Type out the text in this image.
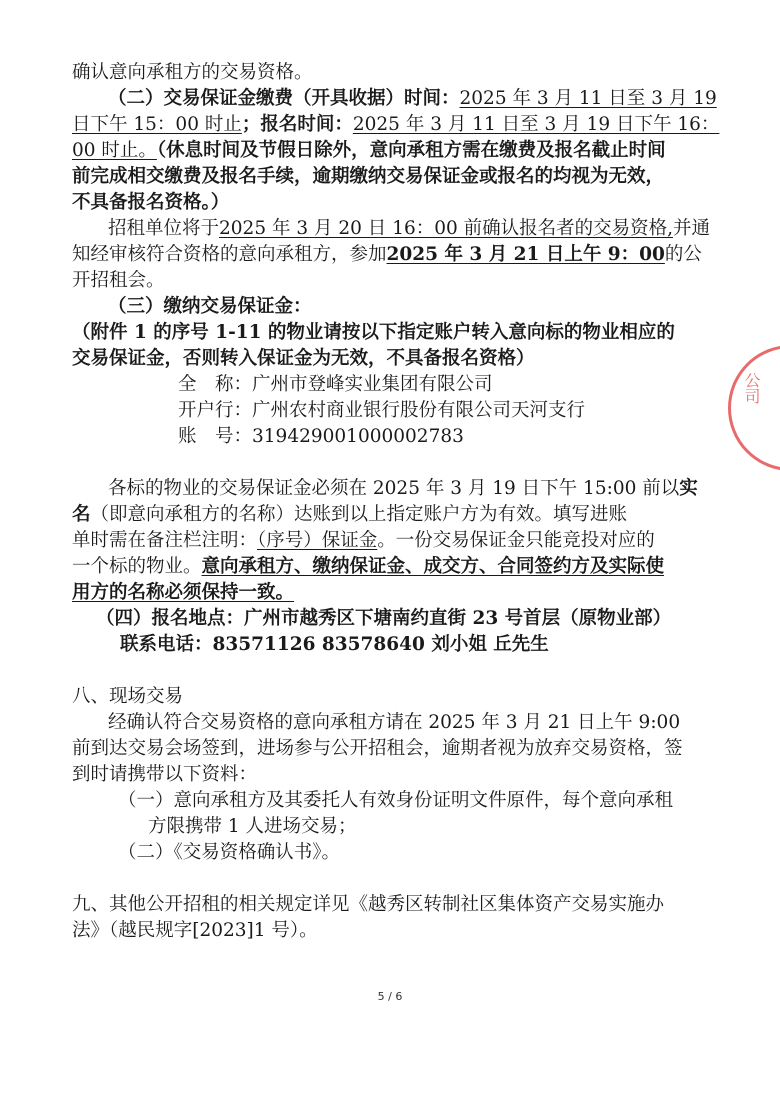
确认意向承租方的交易资格。
（二）交易保证金缴费（开具收据）时间：2025 年 3 月 11 日至 3 月 19
日下午 15：00 时止；报名时间：2025 年 3 月 11 日至 3 月 19 日下午 16：
00 时止。（休息时间及节假日除外，意向承租方需在缴费及报名截止时间
前完成相交缴费及报名手续，逾期缴纳交易保证金或报名的均视为无效，
不具备报名资格。）
招租单位将于2025 年 3 月 20 日 16：00 前确认报名者的交易资格,并通
知经审核符合资格的意向承租方，参加2025 年 3 月 21 日上午 9：00的公
开招租会。
（三）缴纳交易保证金：
（附件 1 的序号 1-11 的物业请按以下指定账户转入意向标的物业相应的
交易保证金，否则转入保证金为无效，不具备报名资格）
全　称：广州市登峰实业集团有限公司
开户行：广州农村商业银行股份有限公司天河支行
账　号：319429001000002783
各标的物业的交易保证金必须在 2025 年 3 月 19 日下午 15:00 前以实
名（即意向承租方的名称）达账到以上指定账户方为有效。填写进账
单时需在备注栏注明：（序号）保证金。一份交易保证金只能竞投对应的
一个标的物业。意向承租方、缴纳保证金、成交方、合同签约方及实际使
用方的名称必须保持一致。
（四）报名地点：广州市越秀区下塘南约直街 23 号首层（原物业部）
联系电话：83571126 83578640 刘小姐 丘先生
八、现场交易
经确认符合交易资格的意向承租方请在 2025 年 3 月 21 日上午 9:00
前到达交易会场签到，进场参与公开招租会，逾期者视为放弃交易资格，签
到时请携带以下资料：
（一）意向承租方及其委托人有效身份证明文件原件，每个意向承租
方限携带 1 人进场交易；
（二）《交易资格确认书》。
九、其他公开招租的相关规定详见《越秀区转制社区集体资产交易实施办
法》（越民规字[2023]1 号）。
5 / 6
公司
